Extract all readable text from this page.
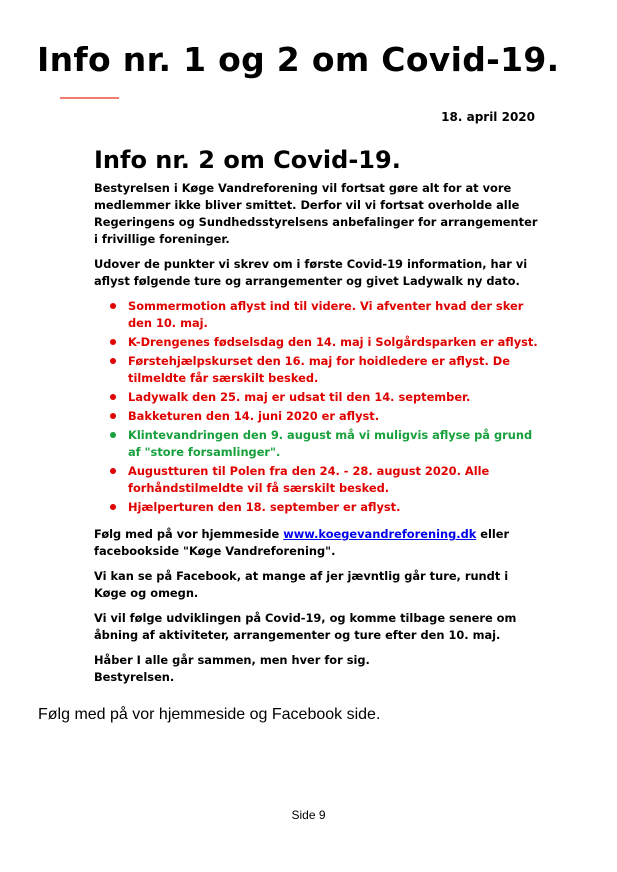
Info nr. 1 og 2 om Covid-19.
18. april 2020
Info nr. 2 om Covid-19.

Bestyrelsen i Køge Vandreforening vil fortsat gøre alt for at vore medlemmer ikke bliver smittet. Derfor vil vi fortsat overholde alle Regeringens og Sundhedsstyrelsens anbefalinger for arrangementer i frivillige foreninger.

Udover de punkter vi skrev om i første Covid-19 information, har vi aflyst følgende ture og arrangementer og givet Ladywalk ny dato.

Sommermotion aflyst ind til videre. Vi afventer hvad der sker den 10. maj.
K-Drengenes fødselsdag den 14. maj i Solgårdsparken er aflyst.
Førstehjælpskurset den 16. maj for hoidledere er aflyst. De tilmeldte får særskilt besked.
Ladywalk den 25. maj er udsat til den 14. september.
Bakketuren den 14. juni 2020 er aflyst.
Klintevandringen den 9. august må vi muligvis aflyse på grund af "store forsamlinger".
Augustturen til Polen fra den 24. - 28. august 2020. Alle forhåndstilmeldte vil få særskilt besked.
Hjælperturen den 18. september er aflyst.

Følg med på vor hjemmeside www.koegevandreforening.dk eller facebookside "Køge Vandreforening".

Vi kan se på Facebook, at mange af jer jævntlig går ture, rundt i Køge og omegn.

Vi vil følge udviklingen på Covid-19, og komme tilbage senere om åbning af aktiviteter, arrangementer og ture efter den 10. maj.

Håber I alle går sammen, men hver for sig.
Bestyrelsen.

Følg med på vor hjemmeside og Facebook side.
Side 9
